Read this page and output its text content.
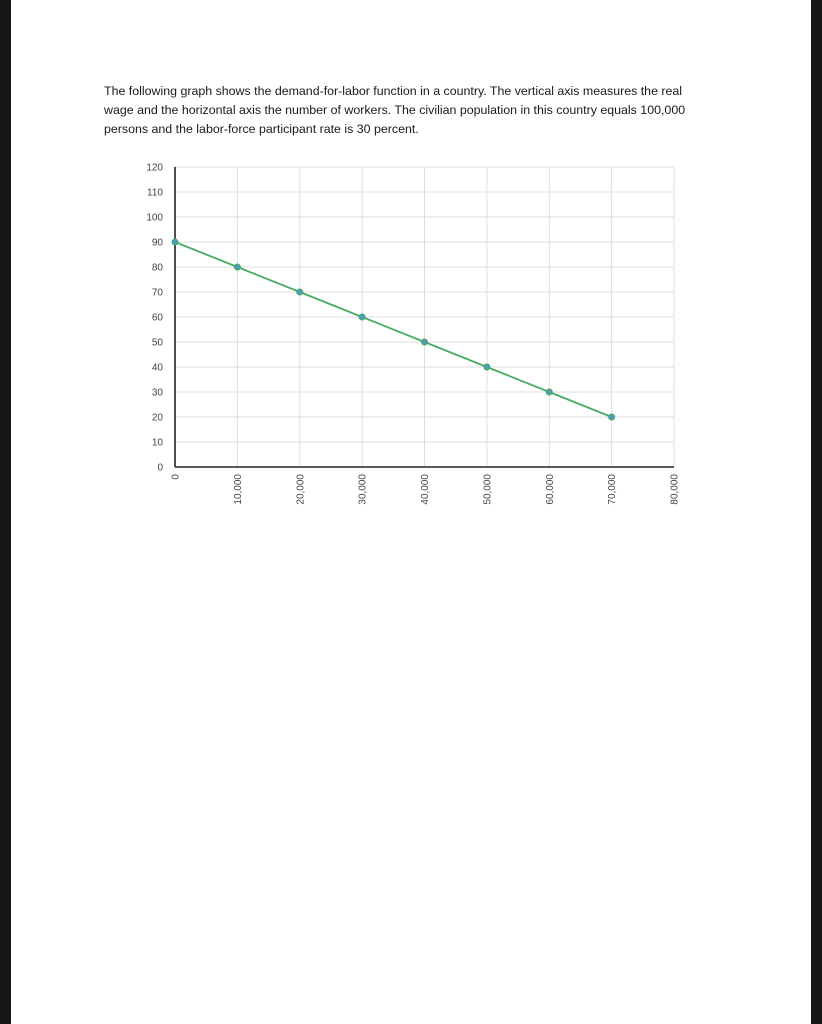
The following graph shows the demand-for-labor function in a country. The vertical axis measures the real wage and the horizontal axis the number of workers. The civilian population in this country equals 100,000 persons and the labor-force participant rate is 30 percent.

0
10
20
30
40
50
60
70
80
90
100
110
120
0	10,000	20,000	30,000	40,000	50,000	60,000	70,000	80,000
